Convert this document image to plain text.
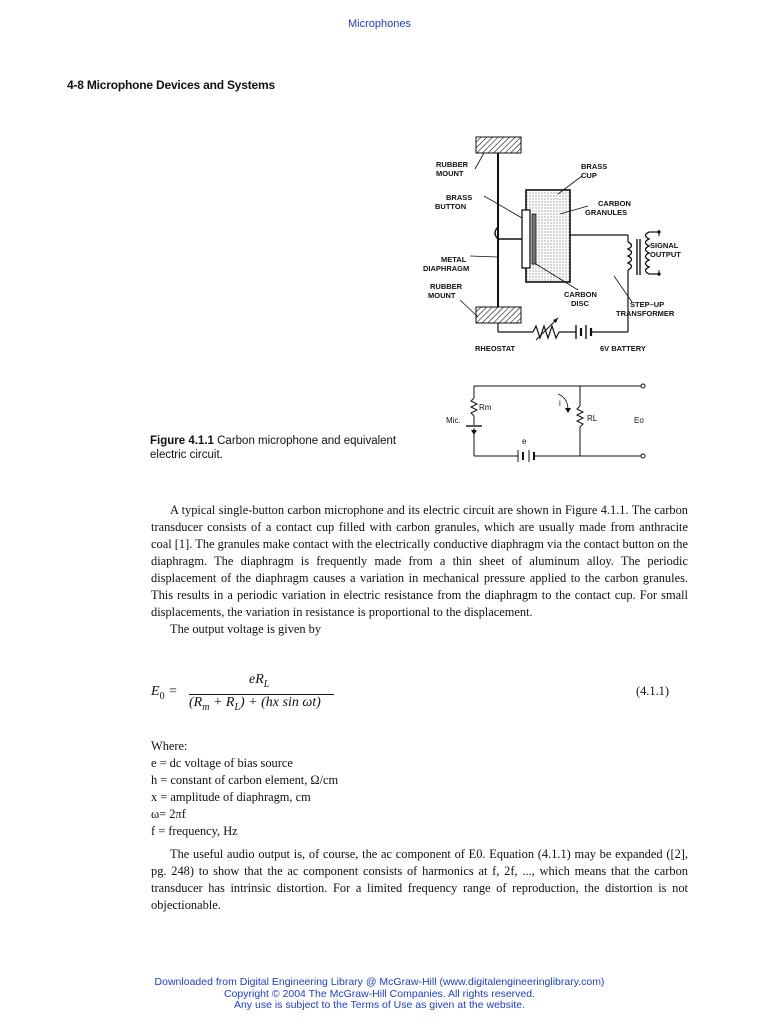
Microphones
4-8 Microphone Devices and Systems
RUBBER
MOUNT
BRASS
CUP
BRASS
BUTTON	CARBON
GRANULES
SIGNAL
OUTPUT
METAL
DIAPHRAGM
RUBBER
MOUNT	CARBON
DISC	STEP–UP
TRANSFORMER
RHEOSTAT	6V BATTERY
Rm
Mic.
i
RL	Eo
e
Figure 4.1.1 Carbon microphone and equivalent electric circuit.

A typical single-button carbon microphone and its electric circuit are shown in Figure 4.1.1. The carbon transducer consists of a contact cup filled with carbon granules, which are usually made from anthracite coal [1]. The granules make contact with the electrically conductive diaphragm via the contact button on the diaphragm. The diaphragm is frequently made from a thin sheet of aluminum alloy. The periodic displacement of the diaphragm causes a variation in mechanical pressure applied to the carbon granules. This results in a periodic variation in electric resistance from the diaphragm to the contact cup. For small displacements, the variation in resistance is proportional to the displacement.

The output voltage is given by

$E_0$ =
$eR_L$
$(R_m + R_L) + (hx$ sin ωt)
(4.1.1)
Where:
e = dc voltage of bias source
h = constant of carbon element, Ω/cm
x = amplitude of diaphragm, cm
ω= 2πf
f = frequency, Hz

The useful audio output is, of course, the ac component of E0. Equation (4.1.1) may be expanded ([2], pg. 248) to show that the ac component consists of harmonics at f, 2f, ..., which means that the carbon transducer has intrinsic distortion. For a limited frequency range of reproduction, the distortion is not objectionable.

Downloaded from Digital Engineering Library @ McGraw-Hill (www.digitalengineeringlibrary.com)
Copyright © 2004 The McGraw-Hill Companies. All rights reserved.
Any use is subject to the Terms of Use as given at the website.
